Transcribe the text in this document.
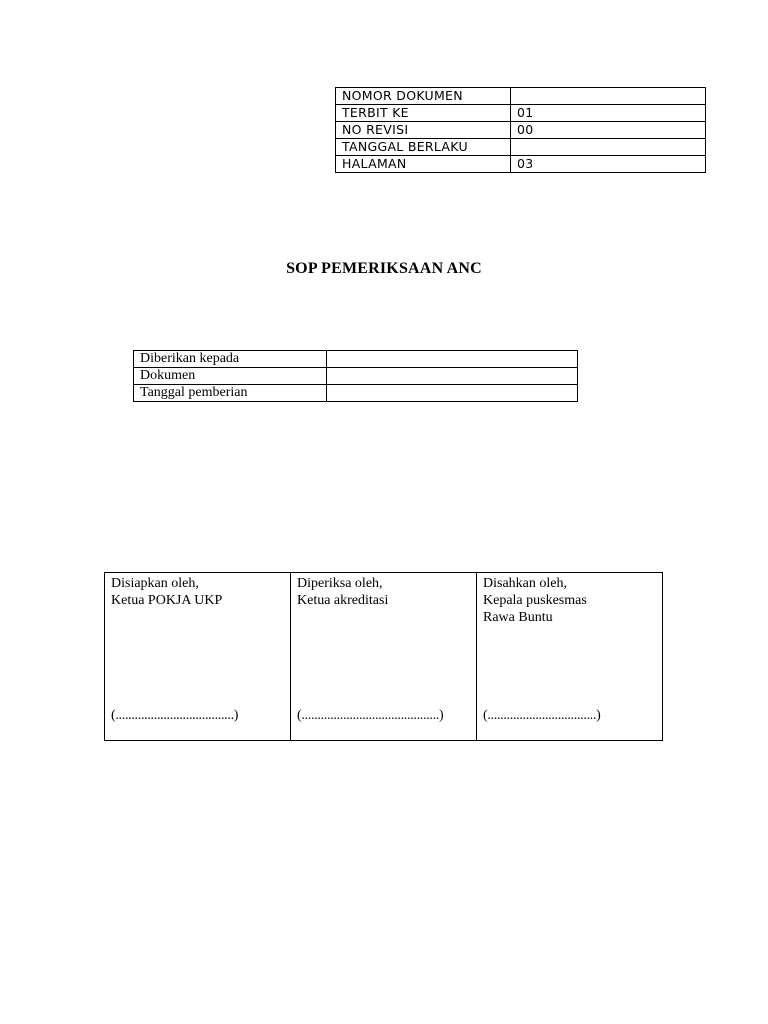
NOMOR DOKUMEN	
TERBIT KE	01
NO REVISI	00
TANGGAL BERLAKU	
HALAMAN	03
SOP PEMERIKSAAN ANC
Diberikan kepada	
Dokumen	
Tanggal pemberian	
Disiapkan oleh,
Ketua POKJA UKP
(.....................................)

Diperiksa oleh,
Ketua akreditasi
(...........................................)

Disahkan oleh,
Kepala puskesmas
Rawa Buntu
(..................................)
